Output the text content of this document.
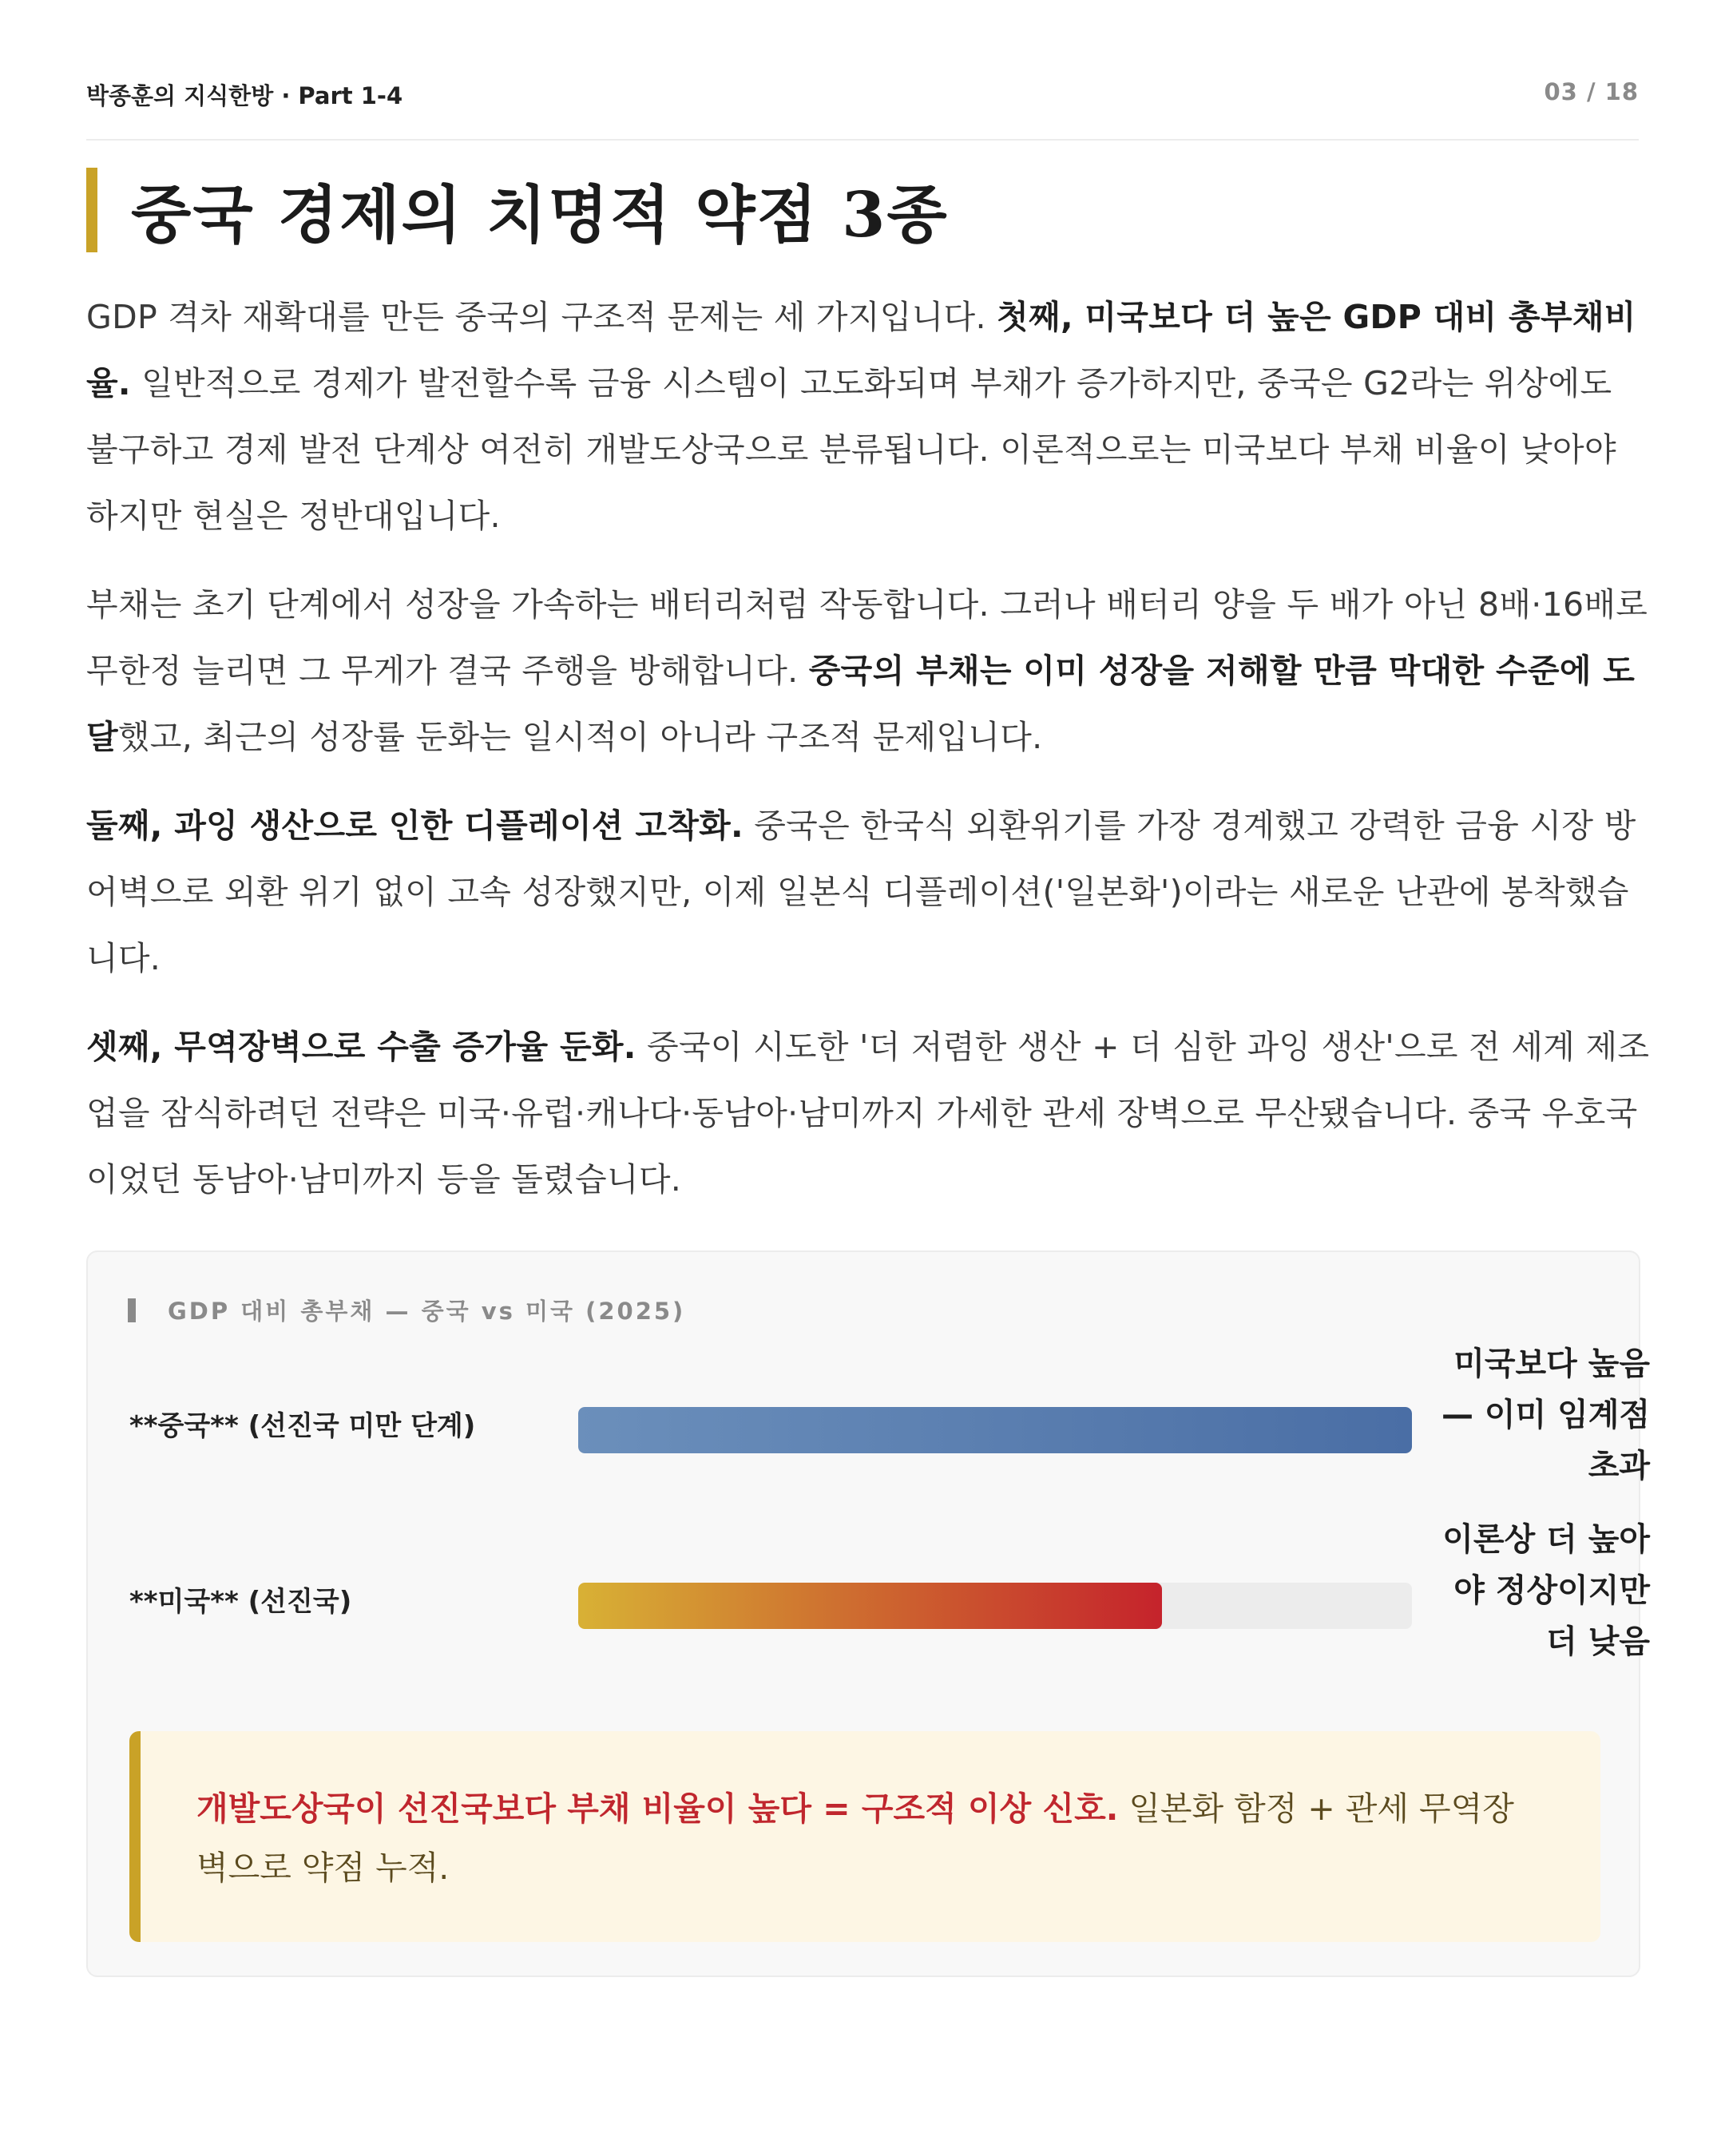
박종훈의 지식한방 · Part 1-4	03 / 18
중국 경제의 치명적 약점 3종

GDP 격차 재확대를 만든 중국의 구조적 문제는 세 가지입니다. 첫째, 미국보다 더 높은 GDP 대비 총부채비율. 일반적으로 경제가 발전할수록 금융 시스템이 고도화되며 부채가 증가하지만, 중국은 G2라는 위상에도 불구하고 경제 발전 단계상 여전히 개발도상국으로 분류됩니다. 이론적으로는 미국보다 부채 비율이 낮아야 하지만 현실은 정반대입니다.

부채는 초기 단계에서 성장을 가속하는 배터리처럼 작동합니다. 그러나 배터리 양을 두 배가 아닌 8배·16배로 무한정 늘리면 그 무게가 결국 주행을 방해합니다. 중국의 부채는 이미 성장을 저해할 만큼 막대한 수준에 도달했고, 최근의 성장률 둔화는 일시적이 아니라 구조적 문제입니다.

둘째, 과잉 생산으로 인한 디플레이션 고착화. 중국은 한국식 외환위기를 가장 경계했고 강력한 금융 시장 방어벽으로 외환 위기 없이 고속 성장했지만, 이제 일본식 디플레이션('일본화')이라는 새로운 난관에 봉착했습니다.

셋째, 무역장벽으로 수출 증가율 둔화. 중국이 시도한 '더 저렴한 생산 + 더 심한 과잉 생산'으로 전 세계 제조업을 잠식하려던 전략은 미국·유럽·캐나다·동남아·남미까지 가세한 관세 장벽으로 무산됐습니다. 중국 우호국이었던 동남아·남미까지 등을 돌렸습니다.

GDP 대비 총부채 — 중국 vs 미국 (2025)
**중국** (선진국 미만 단계)
미국보다 높음 — 이미 임계점 초과
**미국** (선진국)
이론상 더 높아야 정상이지만 더 낮음
개발도상국이 선진국보다 부채 비율이 높다 = 구조적 이상 신호. 일본화 함정 + 관세 무역장벽으로 약점 누적.
